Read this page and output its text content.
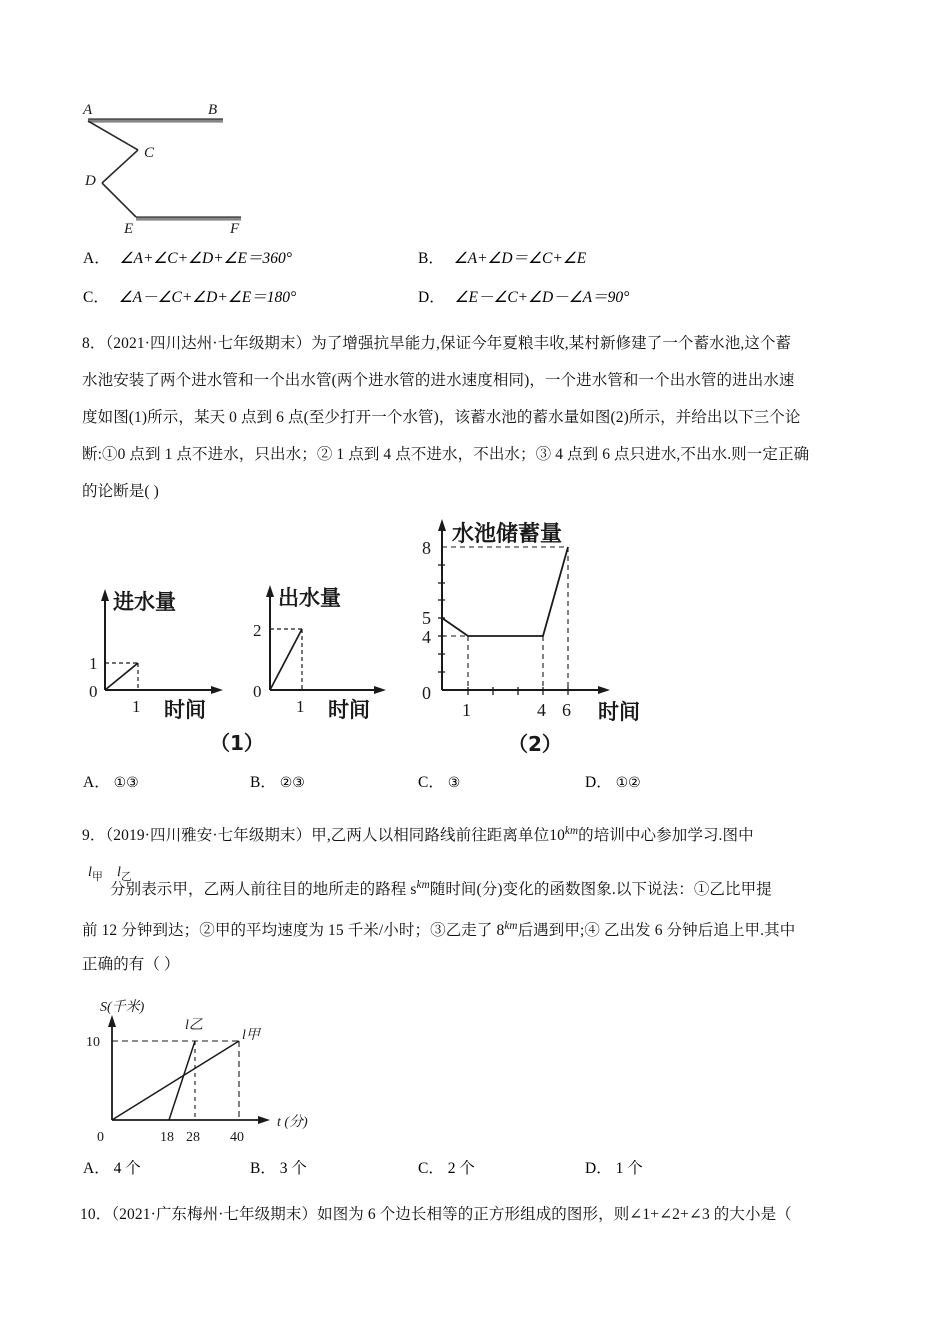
A	B
C
D
E	F
A． ∠A+∠C+∠D+∠E＝360°	B． ∠A+∠D＝∠C+∠E
C． ∠A－∠C+∠D+∠E＝180°	D． ∠E－∠C+∠D－∠A＝90°
8．（2021·四川达州·七年级期末）为了增强抗旱能力,保证今年夏粮丰收,某村新修建了一个蓄水池,这个蓄
水池安装了两个进水管和一个出水管(两个进水管的进水速度相同)，一个进水管和一个出水管的进出水速
度如图(1)所示，某天 0 点到 6 点(至少打开一个水管)，该蓄水池的蓄水量如图(2)所示，并给出以下三个论
断:①0 点到 1 点不进水，只出水；② 1 点到 4 点不进水，不出水；③ 4 点到 6 点只进水,不出水.则一定正确
的论断是( )
进水量
1
0
1 时间
出水量
2
0
1 时间
（1）
水池储蓄量
8
5
4
0
1	4 6 时间
（2）
A． ①③	B． ②③	C． ③	D． ①②
9．（2019·四川雅安·七年级期末）甲,乙两人以相同路线前往距离单位$10^{km}$的培训中心参加学习.图中
$l_甲$ $l_乙$
分别表示甲，乙两人前往目的地所走的路程 $s^{km}$随时间(分)变化的函数图象.以下说法：①乙比甲提
前 12 分钟到达；②甲的平均速度为 15 千米/小时；③乙走了 $8^{km}$后遇到甲;④ 乙出发 6 分钟后追上甲.其中
正确的有（ ）
S(千米)
10
0	18 28 40
t (分)
l乙
l甲
A． 4 个	B． 3 个	C． 2 个	D． 1 个
10．（2021·广东梅州·七年级期末）如图为 6 个边长相等的正方形组成的图形，则∠1+∠2+∠3 的大小是（
